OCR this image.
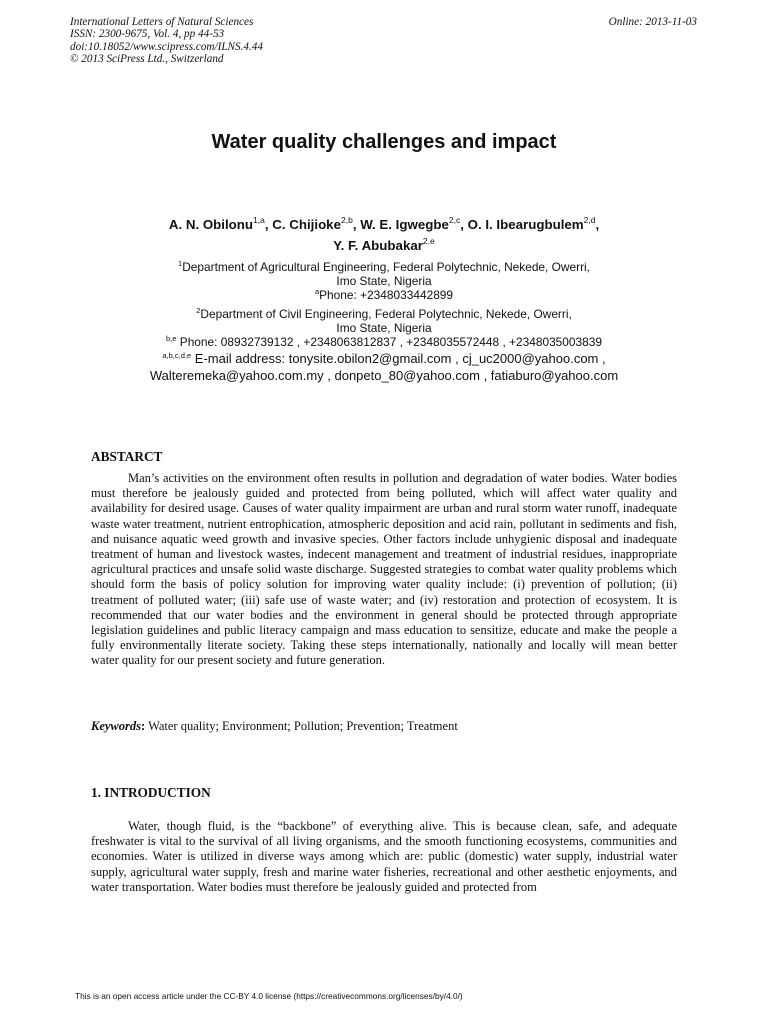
International Letters of Natural Sciences
ISSN: 2300-9675, Vol. 4, pp 44-53
doi:10.18052/www.scipress.com/ILNS.4.44
© 2013 SciPress Ltd., Switzerland
Online: 2013-11-03
Water quality challenges and impact
A. N. Obilonu$^{1,a}$, C. Chijioke$^{2,b}$, W. E. Igwegbe$^{2,c}$, O. I. Ibearugbulem$^{2,d}$,
Y. F. Abubakar$^{2,e}$
$^1$Department of Agricultural Engineering, Federal Polytechnic, Nekede, Owerri,
Imo State, Nigeria
$^a$Phone: +2348033442899
$^2$Department of Civil Engineering, Federal Polytechnic, Nekede, Owerri,
Imo State, Nigeria
$^{b,e}$ Phone: 08932739132 , +2348063812837 , +2348035572448 , +2348035003839
$^{a,b,c,d,e}$ E-mail address: tonysite.obilon2@gmail.com , cj_uc2000@yahoo.com ,
Walteremeka@yahoo.com.my , donpeto_80@yahoo.com , fatiaburo@yahoo.com
ABSTARCT

Man’s activities on the environment often results in pollution and degradation of water bodies. Water bodies must therefore be jealously guided and protected from being polluted, which will affect water quality and availability for desired usage. Causes of water quality impairment are urban and rural storm water runoff, inadequate waste water treatment, nutrient entrophication, atmospheric deposition and acid rain, pollutant in sediments and fish, and nuisance aquatic weed growth and invasive species. Other factors include unhygienic disposal and inadequate treatment of human and livestock wastes, indecent management and treatment of industrial residues, inappropriate agricultural practices and unsafe solid waste discharge. Suggested strategies to combat water quality problems which should form the basis of policy solution for improving water quality include: (i) prevention of pollution; (ii) treatment of polluted water; (iii) safe use of waste water; and (iv) restoration and protection of ecosystem. It is recommended that our water bodies and the environment in general should be protected through appropriate legislation guidelines and public literacy campaign and mass education to sensitize, educate and make the people a fully environmentally literate society. Taking these steps internationally, nationally and locally will mean better water quality for our present society and future generation.

Keywords: Water quality; Environment; Pollution; Prevention; Treatment
1. INTRODUCTION

Water, though fluid, is the “backbone” of everything alive. This is because clean, safe, and adequate freshwater is vital to the survival of all living organisms, and the smooth functioning ecosystems, communities and economies. Water is utilized in diverse ways among which are: public (domestic) water supply, industrial water supply, agricultural water supply, fresh and marine water fisheries, recreational and other aesthetic enjoyments, and water transportation. Water bodies must therefore be jealously guided and protected from

This is an open access article under the CC-BY 4.0 license (https://creativecommons.org/licenses/by/4.0/)
